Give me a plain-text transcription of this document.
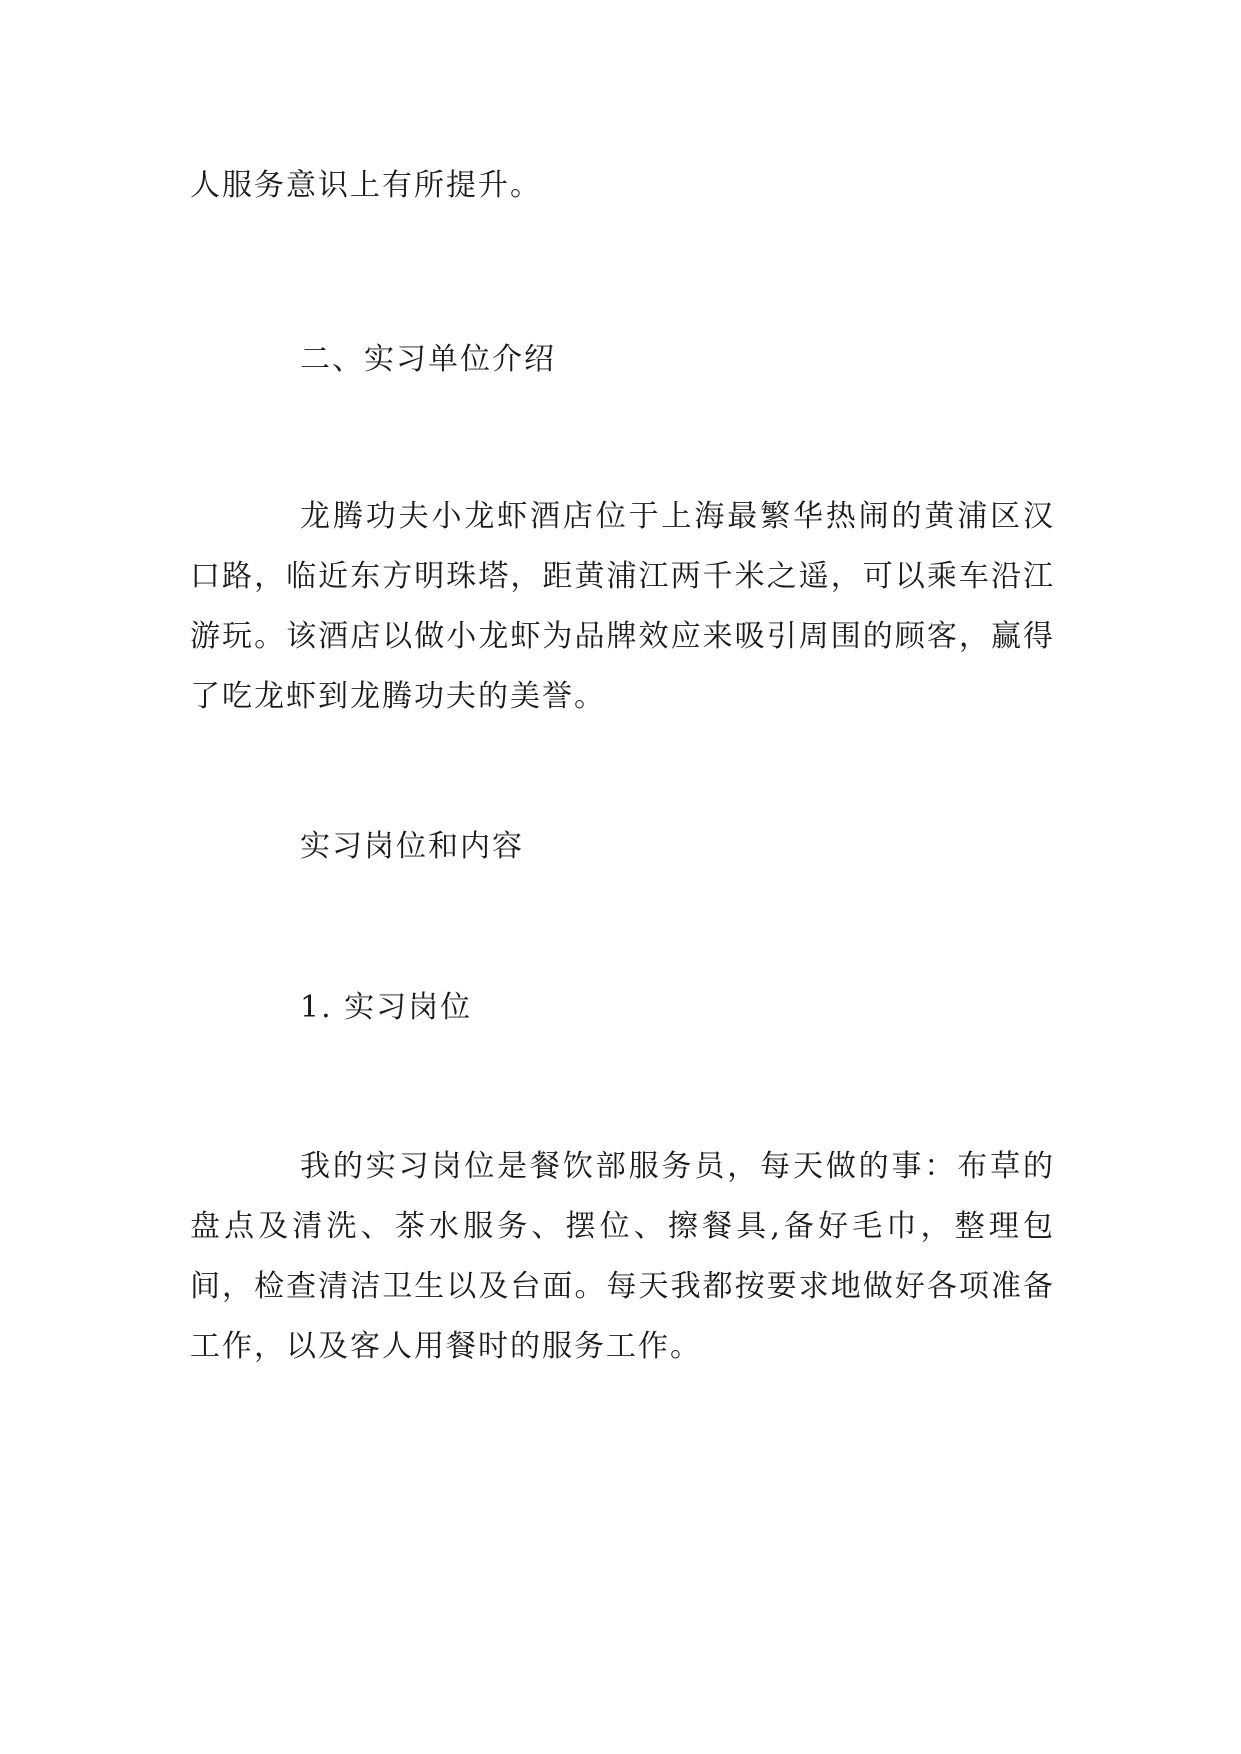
人服务意识上有所提升。

二、实习单位介绍

龙腾功夫小龙虾酒店位于上海最繁华热闹的黄浦区汉口路，临近东方明珠塔，距黄浦江两千米之遥，可以乘车沿江游玩。该酒店以做小龙虾为品牌效应来吸引周围的顾客，赢得了吃龙虾到龙腾功夫的美誉。

实习岗位和内容

1. 实习岗位

我的实习岗位是餐饮部服务员，每天做的事：布草的盘点及清洗、茶水服务、摆位、擦餐具,备好毛巾，整理包间，检查清洁卫生以及台面。每天我都按要求地做好各项准备工作，以及客人用餐时的服务工作。
